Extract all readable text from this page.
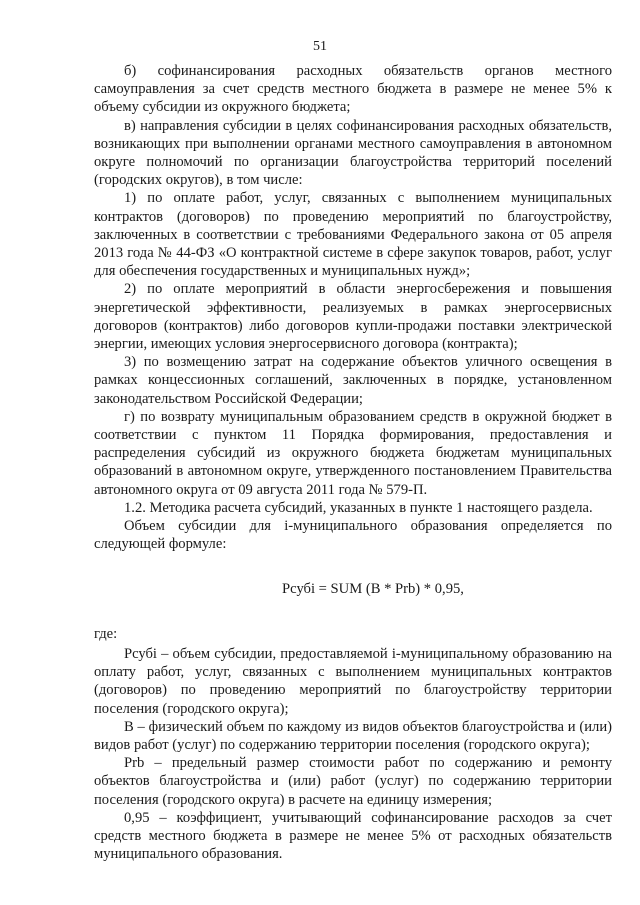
51

б) софинансирования расходных обязательств органов местного самоуправления за счет средств местного бюджета в размере не менее 5% к объему субсидии из окружного бюджета;

в) направления субсидии в целях софинансирования расходных обязательств, возникающих при выполнении органами местного самоуправления в автономном округе полномочий по организации благоустройства территорий поселений (городских округов), в том числе:

1) по оплате работ, услуг, связанных с выполнением муниципальных контрактов (договоров) по проведению мероприятий по благоустройству, заключенных в соответствии с требованиями Федерального закона от 05 апреля 2013 года № 44-ФЗ «О контрактной системе в сфере закупок товаров, работ, услуг для обеспечения государственных и муниципальных нужд»;

2) по оплате мероприятий в области энергосбережения и повышения энергетической эффективности, реализуемых в рамках энергосервисных договоров (контрактов) либо договоров купли-продажи поставки электрической энергии, имеющих условия энергосервисного договора (контракта);

3) по возмещению затрат на содержание объектов уличного освещения в рамках концессионных соглашений, заключенных в порядке, установленном законодательством Российской Федерации;

г) по возврату муниципальным образованием средств в окружной бюджет в соответствии с пунктом 11 Порядка формирования, предоставления и распределения субсидий из окружного бюджета бюджетам муниципальных образований в автономном округе, утвержденного постановлением Правительства автономного округа от 09 августа 2011 года № 579-П.

1.2. Методика расчета субсидий, указанных в пункте 1 настоящего раздела.

Объем субсидии для i-муниципального образования определяется по следующей формуле:

Рсубi = SUM (B * Prb) * 0,95,

где:

Рсубi – объем субсидии, предоставляемой i-муниципальному образованию на оплату работ, услуг, связанных с выполнением муниципальных контрактов (договоров) по проведению мероприятий по благоустройству территории поселения (городского округа);

B – физический объем по каждому из видов объектов благоустройства и (или) видов работ (услуг) по содержанию территории поселения (городского округа);

Prb – предельный размер стоимости работ по содержанию и ремонту объектов благоустройства и (или) работ (услуг) по содержанию территории поселения (городского округа) в расчете на единицу измерения;

0,95 – коэффициент, учитывающий софинансирование расходов за счет средств местного бюджета в размере не менее 5% от расходных обязательств муниципального образования.
